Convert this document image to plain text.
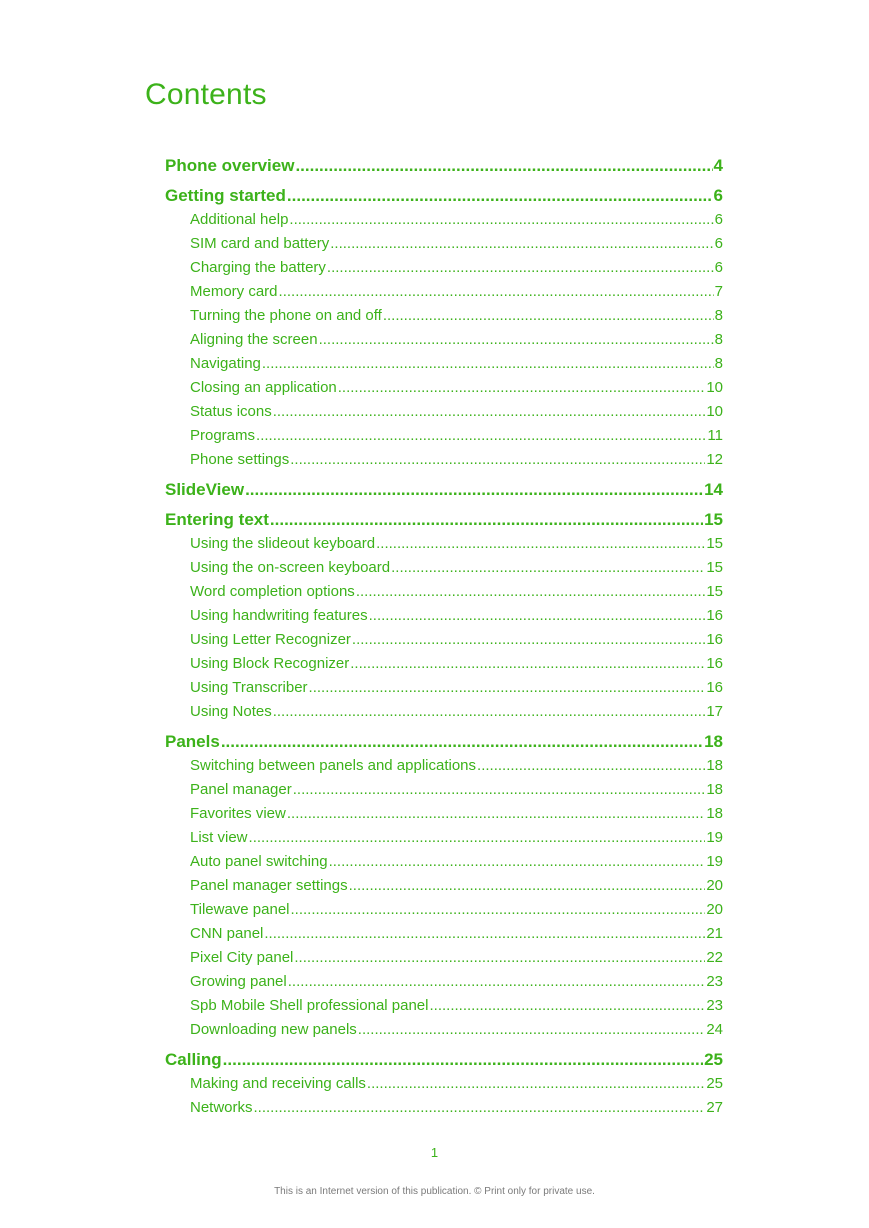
Contents
Phone overview .....	4
Getting started .....	6
Additional help .....	6
SIM card and battery .....	6
Charging the battery .....	6
Memory card .....	7
Turning the phone on and off .....	8
Aligning the screen .....	8
Navigating .....	8
Closing an application .....	10
Status icons .....	10
Programs .....	11
Phone settings .....	12
SlideView .....	14
Entering text .....	15
Using the slideout keyboard .....	15
Using the on-screen keyboard .....	15
Word completion options .....	15
Using handwriting features .....	16
Using Letter Recognizer .....	16
Using Block Recognizer .....	16
Using Transcriber .....	16
Using Notes .....	17
Panels .....	18
Switching between panels and applications .....	18
Panel manager .....	18
Favorites view .....	18
List view .....	19
Auto panel switching .....	19
Panel manager settings .....	20
Tilewave panel .....	20
CNN panel .....	21
Pixel City panel .....	22
Growing panel .....	23
Spb Mobile Shell professional panel .....	23
Downloading new panels .....	24
Calling .....	25
Making and receiving calls .....	25
Networks .....	27
1
This is an Internet version of this publication. © Print only for private use.
